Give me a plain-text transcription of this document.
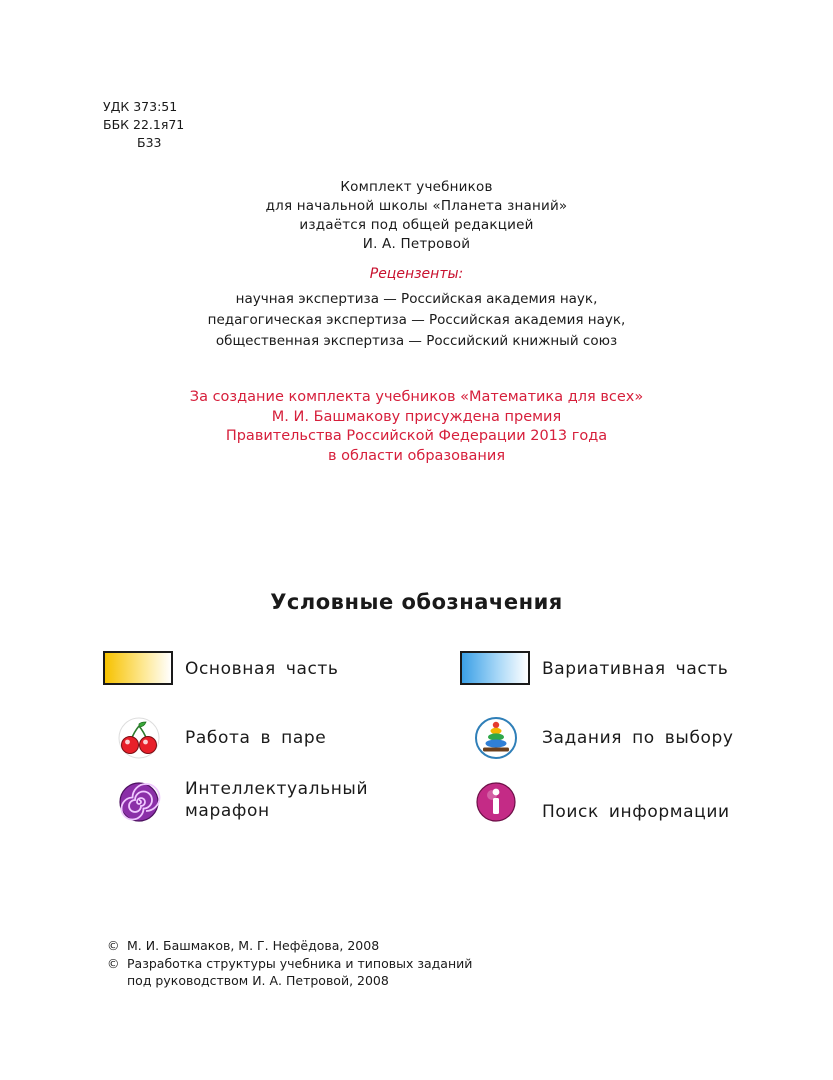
УДК 373:51
ББК 22.1я71
Б33
Комплект учебников
для начальной школы «Планета знаний»
издаётся под общей редакцией
И. А. Петровой
Рецензенты:
научная экспертиза — Российская академия наук,
педагогическая экспертиза — Российская академия наук,
общественная экспертиза — Российский книжный союз
За создание комплекта учебников «Математика для всех»
М. И. Башмакову присуждена премия
Правительства Российской Федерации 2013 года
в области образования
Условные обозначения
Основная часть	Вариативная часть
Работа в паре	Задания по выбору
Интеллектуальный
марафон	Поиск информации
© М. И. Башмаков, М. Г. Нефёдова, 2008
© Разработка структуры учебника и типовых заданий
под руководством И. А. Петровой, 2008
